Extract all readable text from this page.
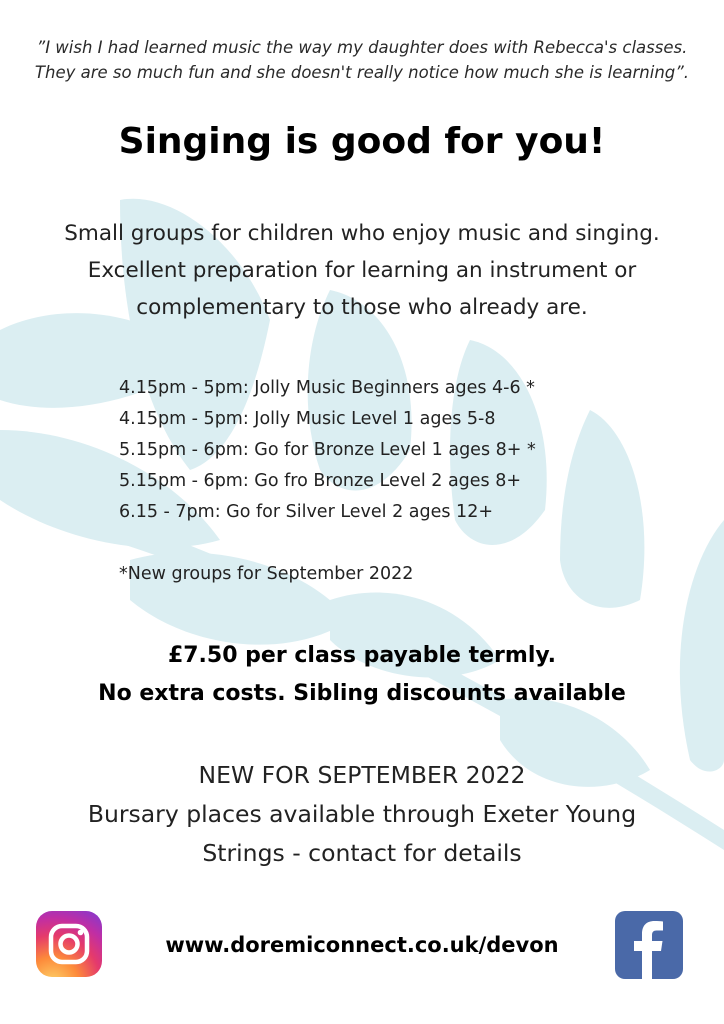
”I wish I had learned music the way my daughter does with Rebecca's classes.
They are so much fun and she doesn't really notice how much she is learning”.
Singing is good for you!
Small groups for children who enjoy music and singing.
Excellent preparation for learning an instrument or
complementary to those who already are.
4.15pm - 5pm: Jolly Music Beginners ages 4-6 *
4.15pm - 5pm: Jolly Music Level 1 ages 5-8
5.15pm - 6pm: Go for Bronze Level 1 ages 8+ *
5.15pm - 6pm: Go fro Bronze Level 2 ages 8+
6.15 - 7pm: Go for Silver Level 2 ages 12+
*New groups for September 2022
£7.50 per class payable termly.
No extra costs. Sibling discounts available
NEW FOR SEPTEMBER 2022
Bursary places available through Exeter Young
Strings - contact for details
www.doremiconnect.co.uk/devon
